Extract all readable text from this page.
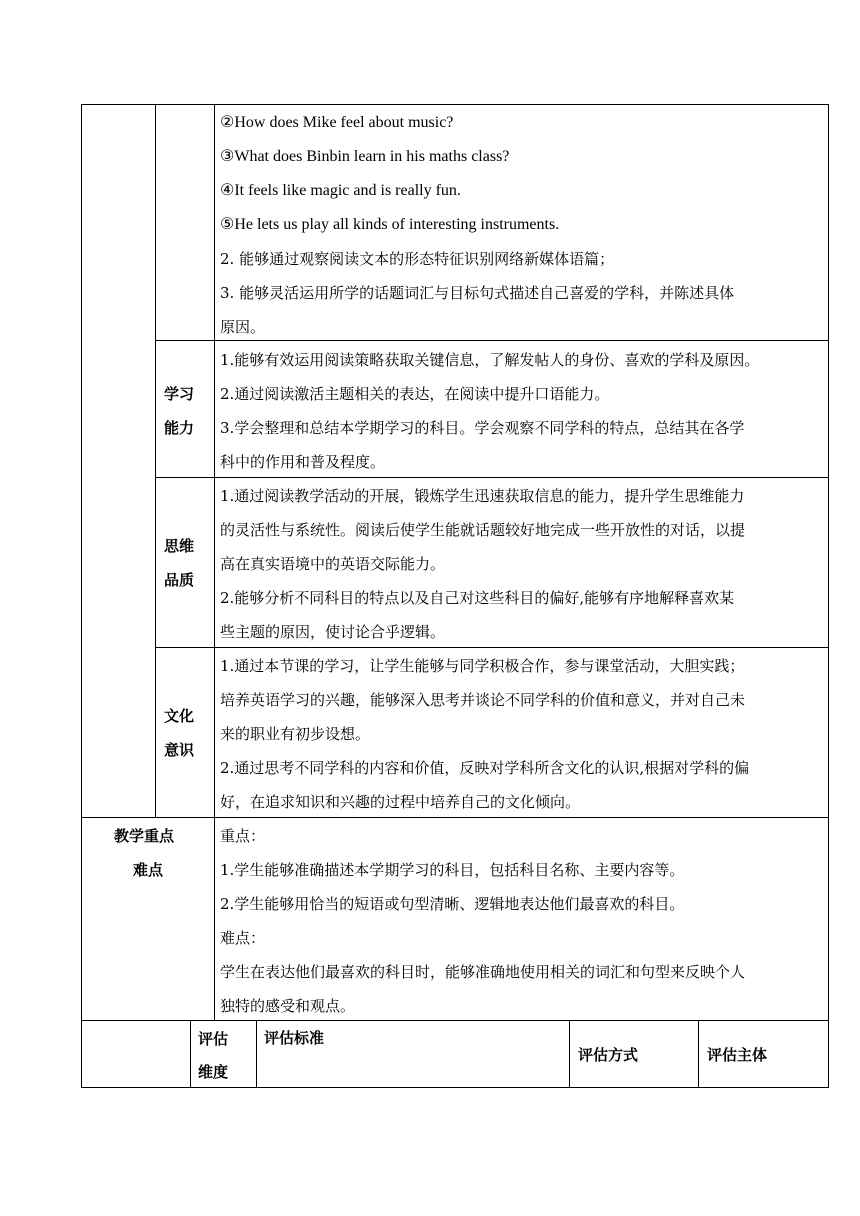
②How does Mike feel about music?
③What does Binbin learn in his maths class?
④It feels like magic and is really fun.
⑤He lets us play all kinds of interesting instruments.
2. 能够通过观察阅读文本的形态特征识别网络新媒体语篇；
3. 能够灵活运用所学的话题词汇与目标句式描述自己喜爱的学科，并陈述具体
原因。
学习
能力
1.能够有效运用阅读策略获取关键信息，了解发帖人的身份、喜欢的学科及原因。
2.通过阅读激活主题相关的表达，在阅读中提升口语能力。
3.学会整理和总结本学期学习的科目。学会观察不同学科的特点，总结其在各学
科中的作用和普及程度。
思维
品质
1.通过阅读教学活动的开展，锻炼学生迅速获取信息的能力，提升学生思维能力
的灵活性与系统性。阅读后使学生能就话题较好地完成一些开放性的对话，以提
高在真实语境中的英语交际能力。
2.能够分析不同科目的特点以及自己对这些科目的偏好,能够有序地解释喜欢某
些主题的原因，使讨论合乎逻辑。
文化
意识
1.通过本节课的学习，让学生能够与同学积极合作，参与课堂活动，大胆实践；
培养英语学习的兴趣，能够深入思考并谈论不同学科的价值和意义，并对自己未
来的职业有初步设想。
2.通过思考不同学科的内容和价值，反映对学科所含文化的认识,根据对学科的偏
好，在追求知识和兴趣的过程中培养自己的文化倾向。
教学重点
难点
重点：
1.学生能够准确描述本学期学习的科目，包括科目名称、主要内容等。
2.学生能够用恰当的短语或句型清晰、逻辑地表达他们最喜欢的科目。
难点：
学生在表达他们最喜欢的科目时，能够准确地使用相关的词汇和句型来反映个人
独特的感受和观点。
评估
维度
评估标准
评估方式	评估主体
